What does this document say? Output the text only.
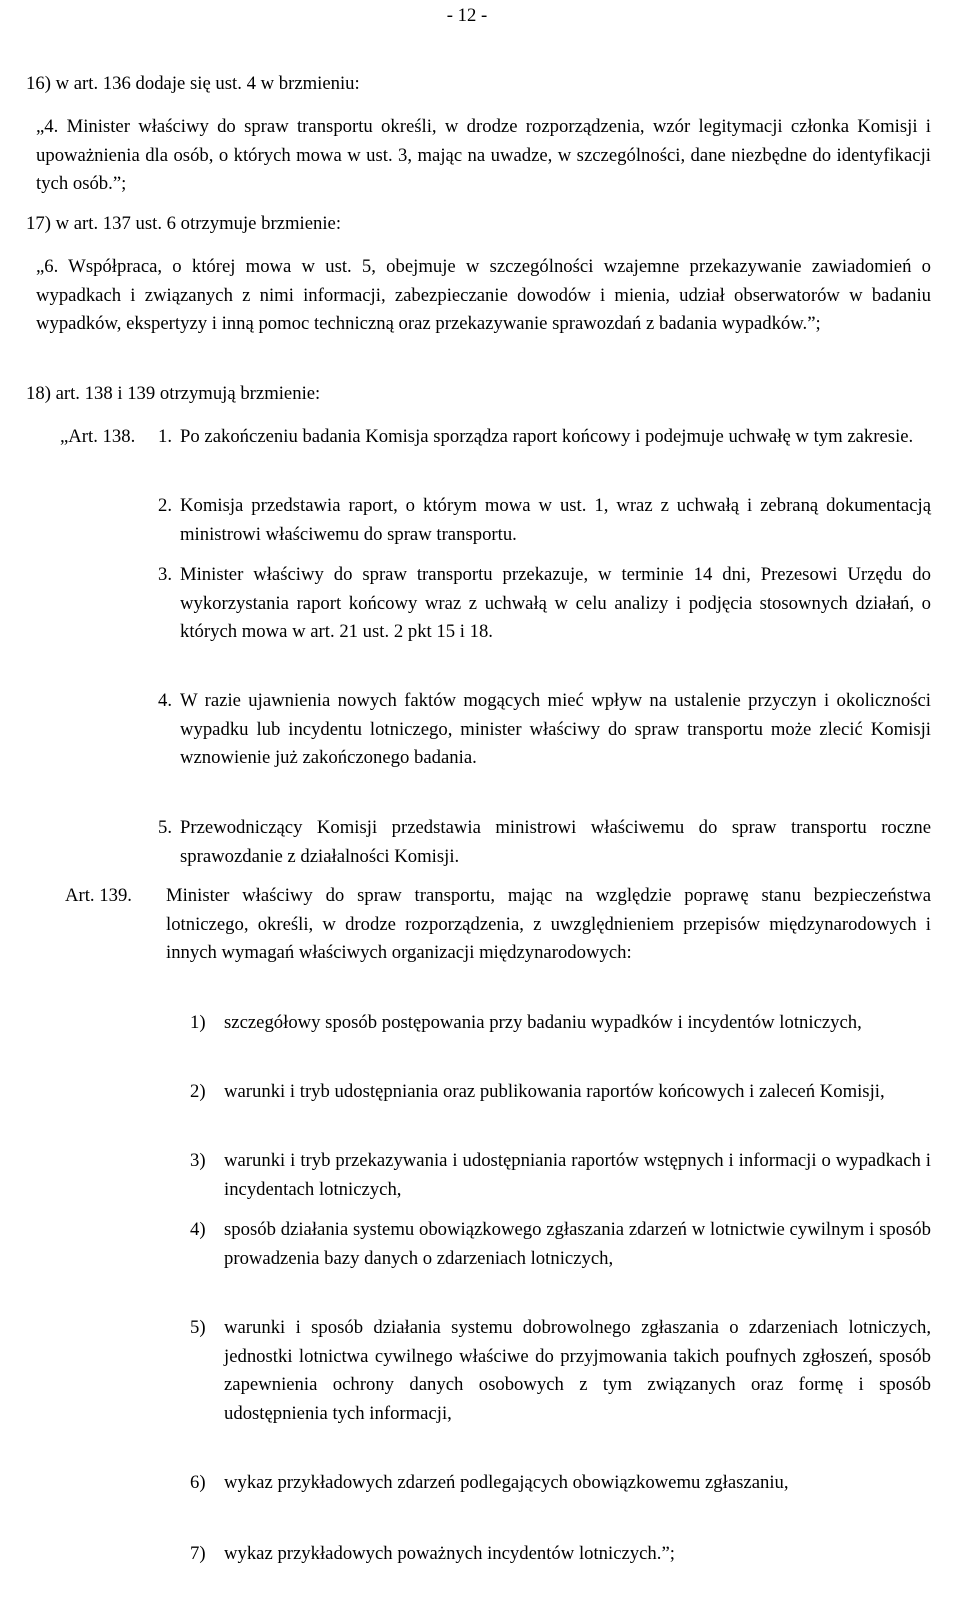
- 12 -
16) w art. 136 dodaje się ust. 4 w brzmieniu:
„4. Minister właściwy do spraw transportu określi, w drodze rozporządzenia, wzór legitymacji członka Komisji i upoważnienia dla osób, o których mowa w ust. 3, mając na uwadze, w szczególności, dane niezbędne do identyfikacji tych osób.”;
17) w art. 137 ust. 6 otrzymuje brzmienie:
„6. Współpraca, o której mowa w ust. 5, obejmuje w szczególności wzajemne przekazywanie zawiadomień o wypadkach i związanych z nimi informacji, zabezpieczanie dowodów i mienia, udział obserwatorów w badaniu wypadków, ekspertyzy i inną pomoc techniczną oraz przekazywanie sprawozdań z badania wypadków.”;
18) art. 138 i 139 otrzymują brzmienie:
„Art. 138.	1. Po zakończeniu badania Komisja sporządza raport końcowy i podejmuje uchwałę w tym zakresie.
2. Komisja przedstawia raport, o którym mowa w ust. 1, wraz z uchwałą i zebraną dokumentacją ministrowi właściwemu do spraw transportu.
3. Minister właściwy do spraw transportu przekazuje, w terminie 14 dni, Prezesowi Urzędu do wykorzystania raport końcowy wraz z uchwałą w celu analizy i podjęcia stosownych działań, o których mowa w art. 21 ust. 2 pkt 15 i 18.
4. W razie ujawnienia nowych faktów mogących mieć wpływ na ustalenie przyczyn i okoliczności wypadku lub incydentu lotniczego, minister właściwy do spraw transportu może zlecić Komisji wznowienie już zakończonego badania.
5. Przewodniczący Komisji przedstawia ministrowi właściwemu do spraw transportu roczne sprawozdanie z działalności Komisji.
Art. 139.	Minister właściwy do spraw transportu, mając na względzie poprawę stanu bezpieczeństwa lotniczego, określi, w drodze rozporządzenia, z uwzględnieniem przepisów międzynarodowych i innych wymagań właściwych organizacji międzynarodowych:
1) szczegółowy sposób postępowania przy badaniu wypadków i incydentów lotniczych,
2) warunki i tryb udostępniania oraz publikowania raportów końcowych i zaleceń Komisji,
3) warunki i tryb przekazywania i udostępniania raportów wstępnych i informacji o wypadkach i incydentach lotniczych,
4) sposób działania systemu obowiązkowego zgłaszania zdarzeń w lotnictwie cywilnym i sposób prowadzenia bazy danych o zdarzeniach lotniczych,
5) warunki i sposób działania systemu dobrowolnego zgłaszania o zdarzeniach lotniczych, jednostki lotnictwa cywilnego właściwe do przyjmowania takich poufnych zgłoszeń, sposób zapewnienia ochrony danych osobowych z tym związanych oraz formę i sposób udostępnienia tych informacji,
6) wykaz przykładowych zdarzeń podlegających obowiązkowemu zgłaszaniu,
7) wykaz przykładowych poważnych incydentów lotniczych.”;
